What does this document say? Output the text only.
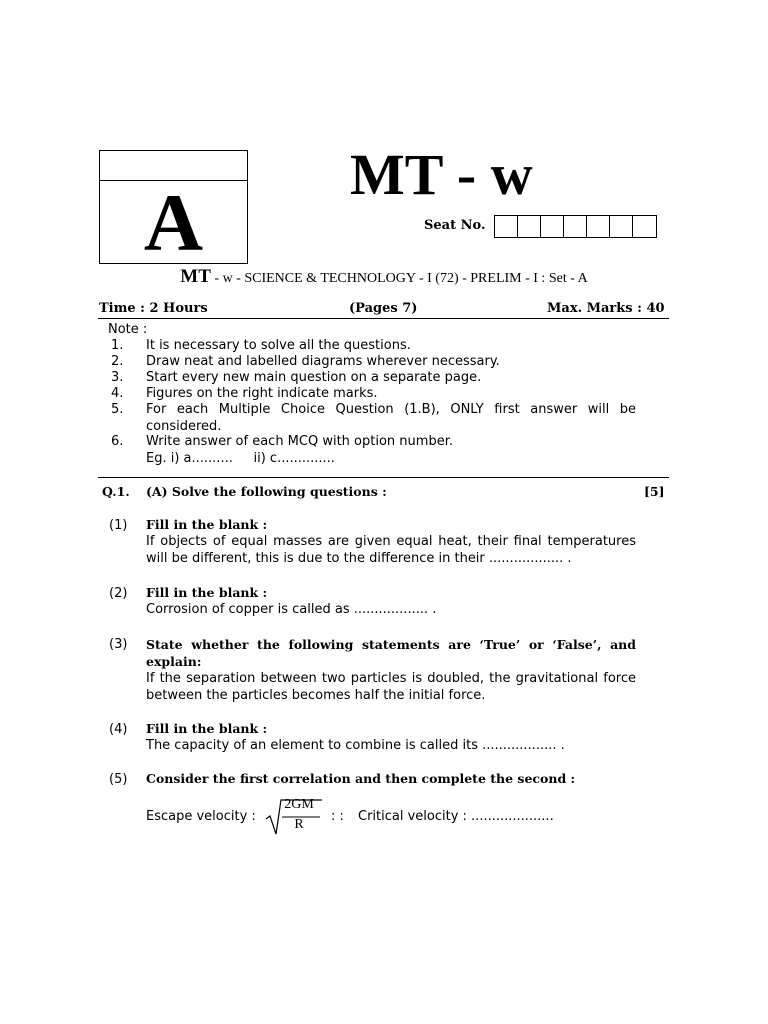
A
MT - w
Seat No.
MT - w - SCIENCE & TECHNOLOGY - I (72) - PRELIM - I : Set - A
Time : 2 Hours	(Pages 7)	Max. Marks : 40
Note :
1.	It is necessary to solve all the questions.
2.	Draw neat and labelled diagrams wherever necessary.
3.	Start every new main question on a separate page.
4.	Figures on the right indicate marks.
5.	For each Multiple Choice Question (1.B), ONLY first answer will be considered.
6.	Write answer of each MCQ with option number.
Eg. i) a..........     ii) c..............
Q.1. (A) Solve the following questions :	[5]
(1) Fill in the blank :
If objects of equal masses are given equal heat, their final temperatures will be different, this is due to the difference in their .................. .
(2) Fill in the blank :
Corrosion of copper is called as .................. .
(3) State whether the following statements are ‘True’ or ‘False’, and explain:
If the separation between two particles is doubled, the gravitational force between the particles becomes half the initial force.
(4) Fill in the blank :
The capacity of an element to combine is called its .................. .
(5) Consider the first correlation and then complete the second :
Escape velocity :
2GM
R
: : Critical velocity : ....................
